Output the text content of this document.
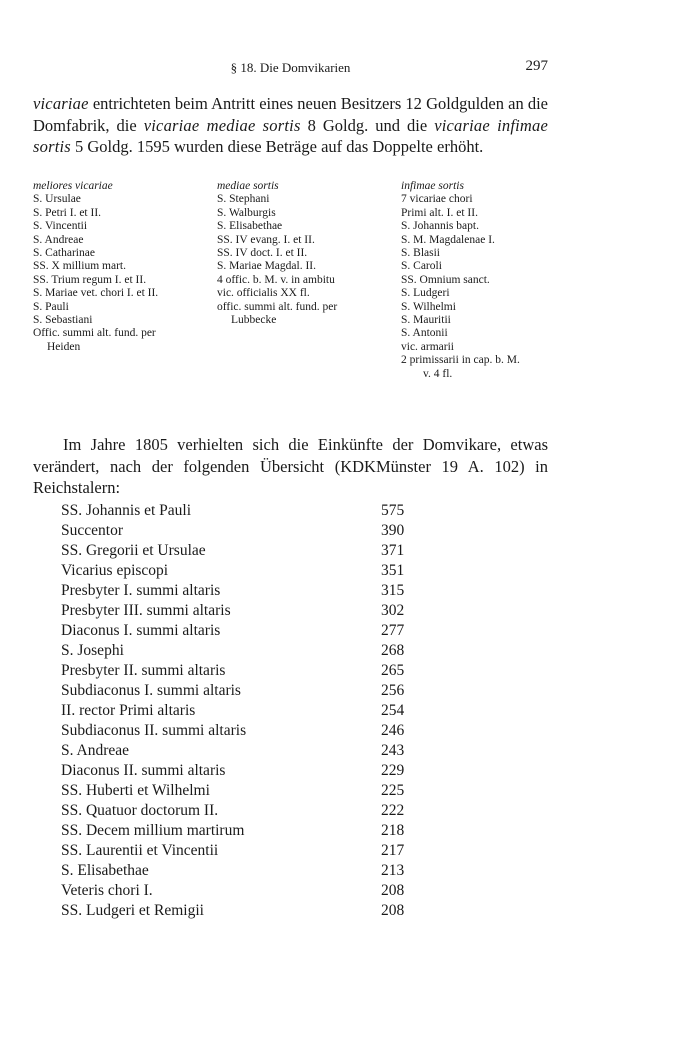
§ 18. Die Domvikarien	297
vicariae entrichteten beim Antritt eines neuen Besitzers 12 Goldgulden an die Domfabrik, die vicariae mediae sortis 8 Goldg. und die vicariae infimae sortis 5 Goldg. 1595 wurden diese Beträge auf das Doppelte erhöht.
meliores vicariae
S. Ursulae
S. Petri I. et II.
S. Vincentii
S. Andreae
S. Catharinae
SS. X millium mart.
SS. Trium regum I. et II.
S. Mariae vet. chori I. et II.
S. Pauli
S. Sebastiani
Offic. summi alt. fund. per
Heiden
mediae sortis
S. Stephani
S. Walburgis
S. Elisabethae
SS. IV evang. I. et II.
SS. IV doct. I. et II.
S. Mariae Magdal. II.
4 offic. b. M. v. in ambitu
vic. officialis XX fl.
offic. summi alt. fund. per
Lubbecke
infimae sortis
7 vicariae chori
Primi alt. I. et II.
S. Johannis bapt.
S. M. Magdalenae I.
S. Blasii
S. Caroli
SS. Omnium sanct.
S. Ludgeri
S. Wilhelmi
S. Mauritii
S. Antonii
vic. armarii
2 primissarii in cap. b. M.
v. 4 fl.
Im Jahre 1805 verhielten sich die Einkünfte der Domvikare, etwas verändert, nach der folgenden Übersicht (KDKMünster 19 A. 102) in Reichstalern:
SS. Johannis et Pauli	575
Succentor	390
SS. Gregorii et Ursulae	371
Vicarius episcopi	351
Presbyter I. summi altaris	315
Presbyter III. summi altaris	302
Diaconus I. summi altaris	277
S. Josephi	268
Presbyter II. summi altaris	265
Subdiaconus I. summi altaris	256
II. rector Primi altaris	254
Subdiaconus II. summi altaris	246
S. Andreae	243
Diaconus II. summi altaris	229
SS. Huberti et Wilhelmi	225
SS. Quatuor doctorum II.	222
SS. Decem millium martirum	218
SS. Laurentii et Vincentii	217
S. Elisabethae	213
Veteris chori I.	208
SS. Ludgeri et Remigii	208
